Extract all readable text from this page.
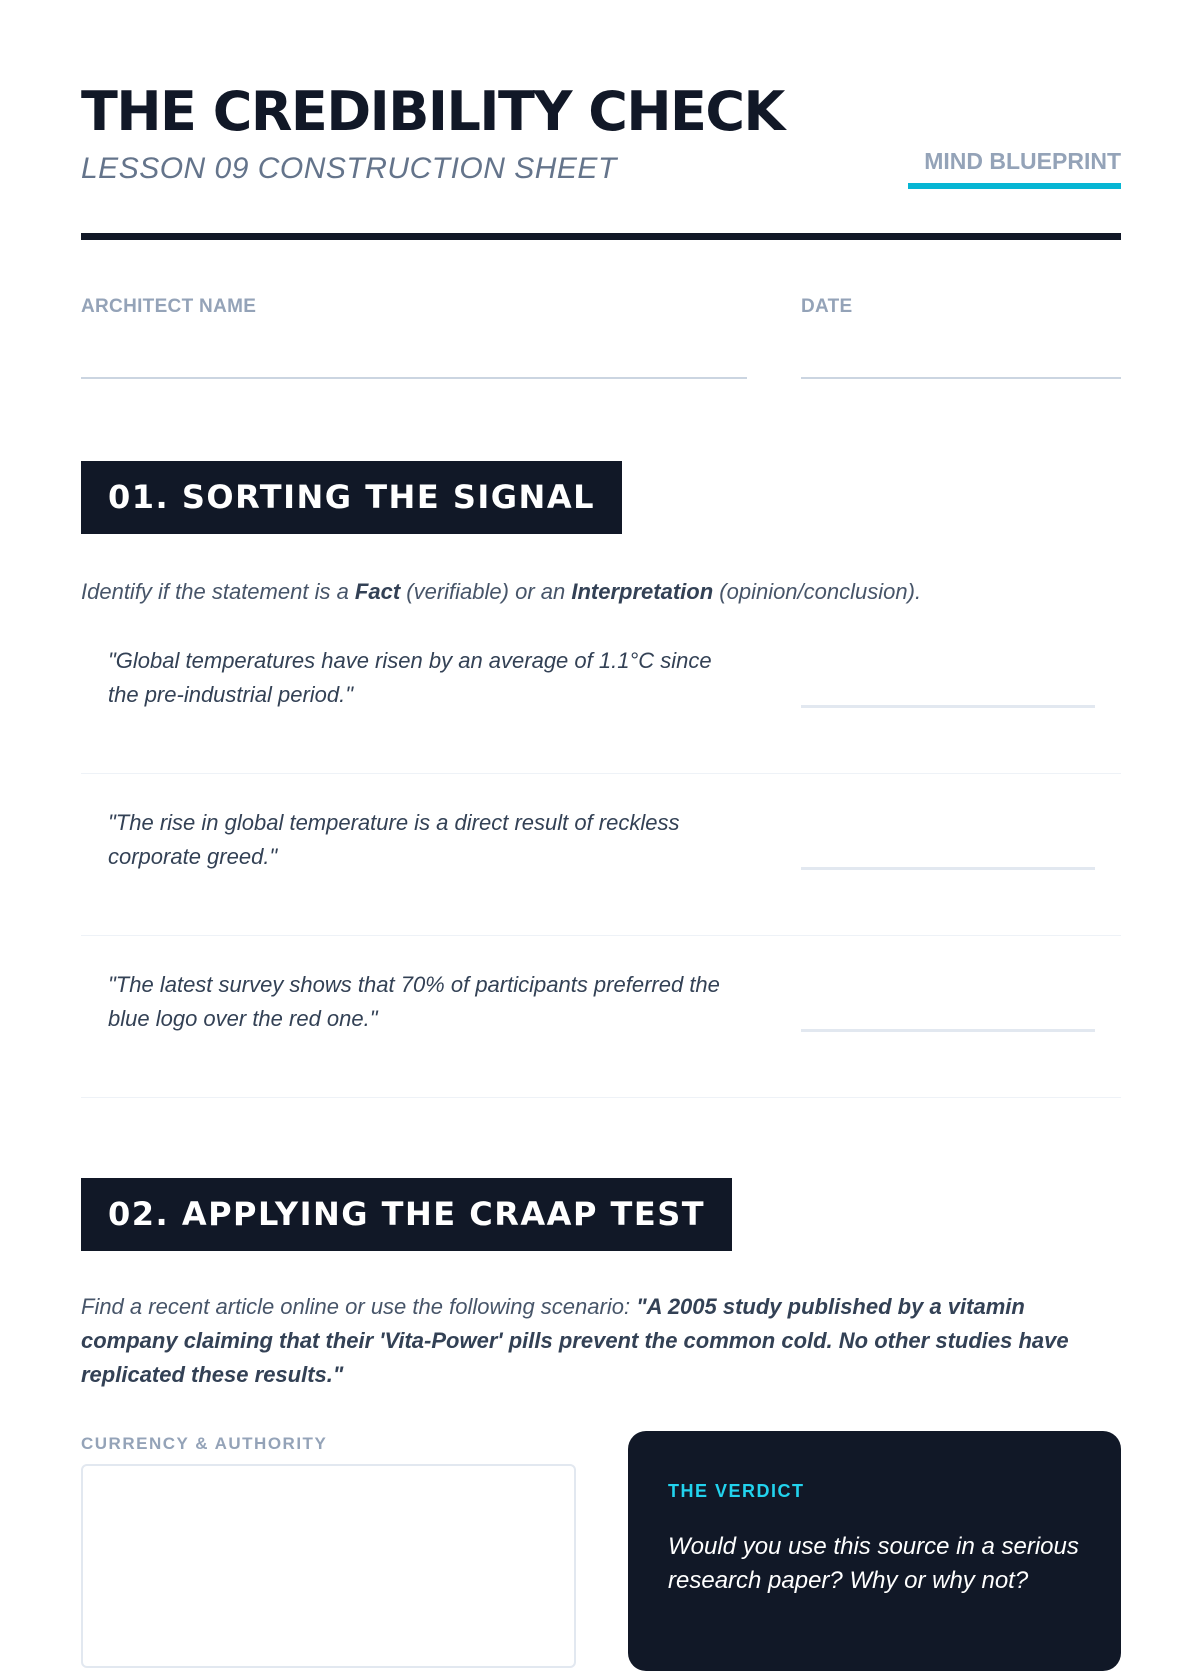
THE CREDIBILITY CHECK
LESSON 09 CONSTRUCTION SHEET	MIND BLUEPRINT
ARCHITECT NAME	DATE
01. SORTING THE SIGNAL
Identify if the statement is a Fact (verifiable) or an Interpretation (opinion/conclusion).
"Global temperatures have risen by an average of 1.1°C since the pre-industrial period."
"The rise in global temperature is a direct result of reckless corporate greed."
"The latest survey shows that 70% of participants preferred the blue logo over the red one."
02. APPLYING THE CRAAP TEST
Find a recent article online or use the following scenario: "A 2005 study published by a vitamin company claiming that their 'Vita-Power' pills prevent the common cold. No other studies have replicated these results."
CURRENCY & AUTHORITY
THE VERDICT
Would you use this source in a serious research paper? Why or why not?
